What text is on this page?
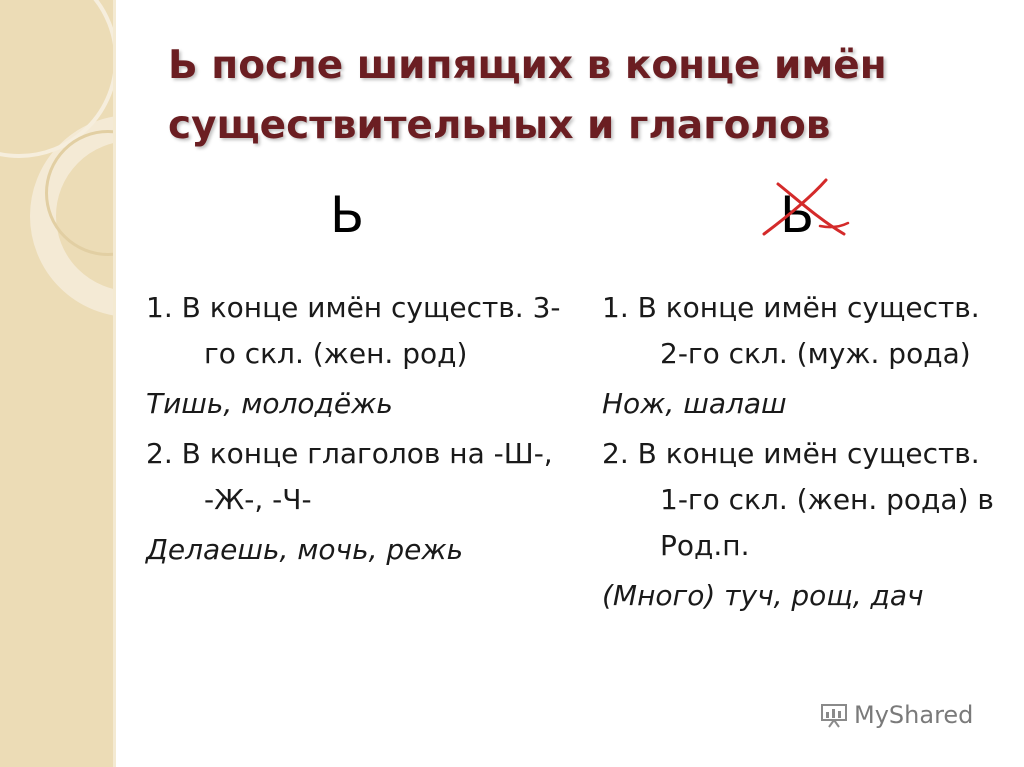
Ь после шипящих в конце имён
существительных и глаголов
Ь	Ь

1. В конце имён существ. 3-го скл. (жен. род)

Тишь, молодёжь

2. В конце глаголов на -Ш-, -Ж-, -Ч-

Делаешь, мочь, режь

1. В конце имён существ. 2-го скл. (муж. рода)

Нож, шалаш

2. В конце имён существ. 1-го скл. (жен. рода) в Род.п.

(Много) туч, рощ, дач

MyShared
